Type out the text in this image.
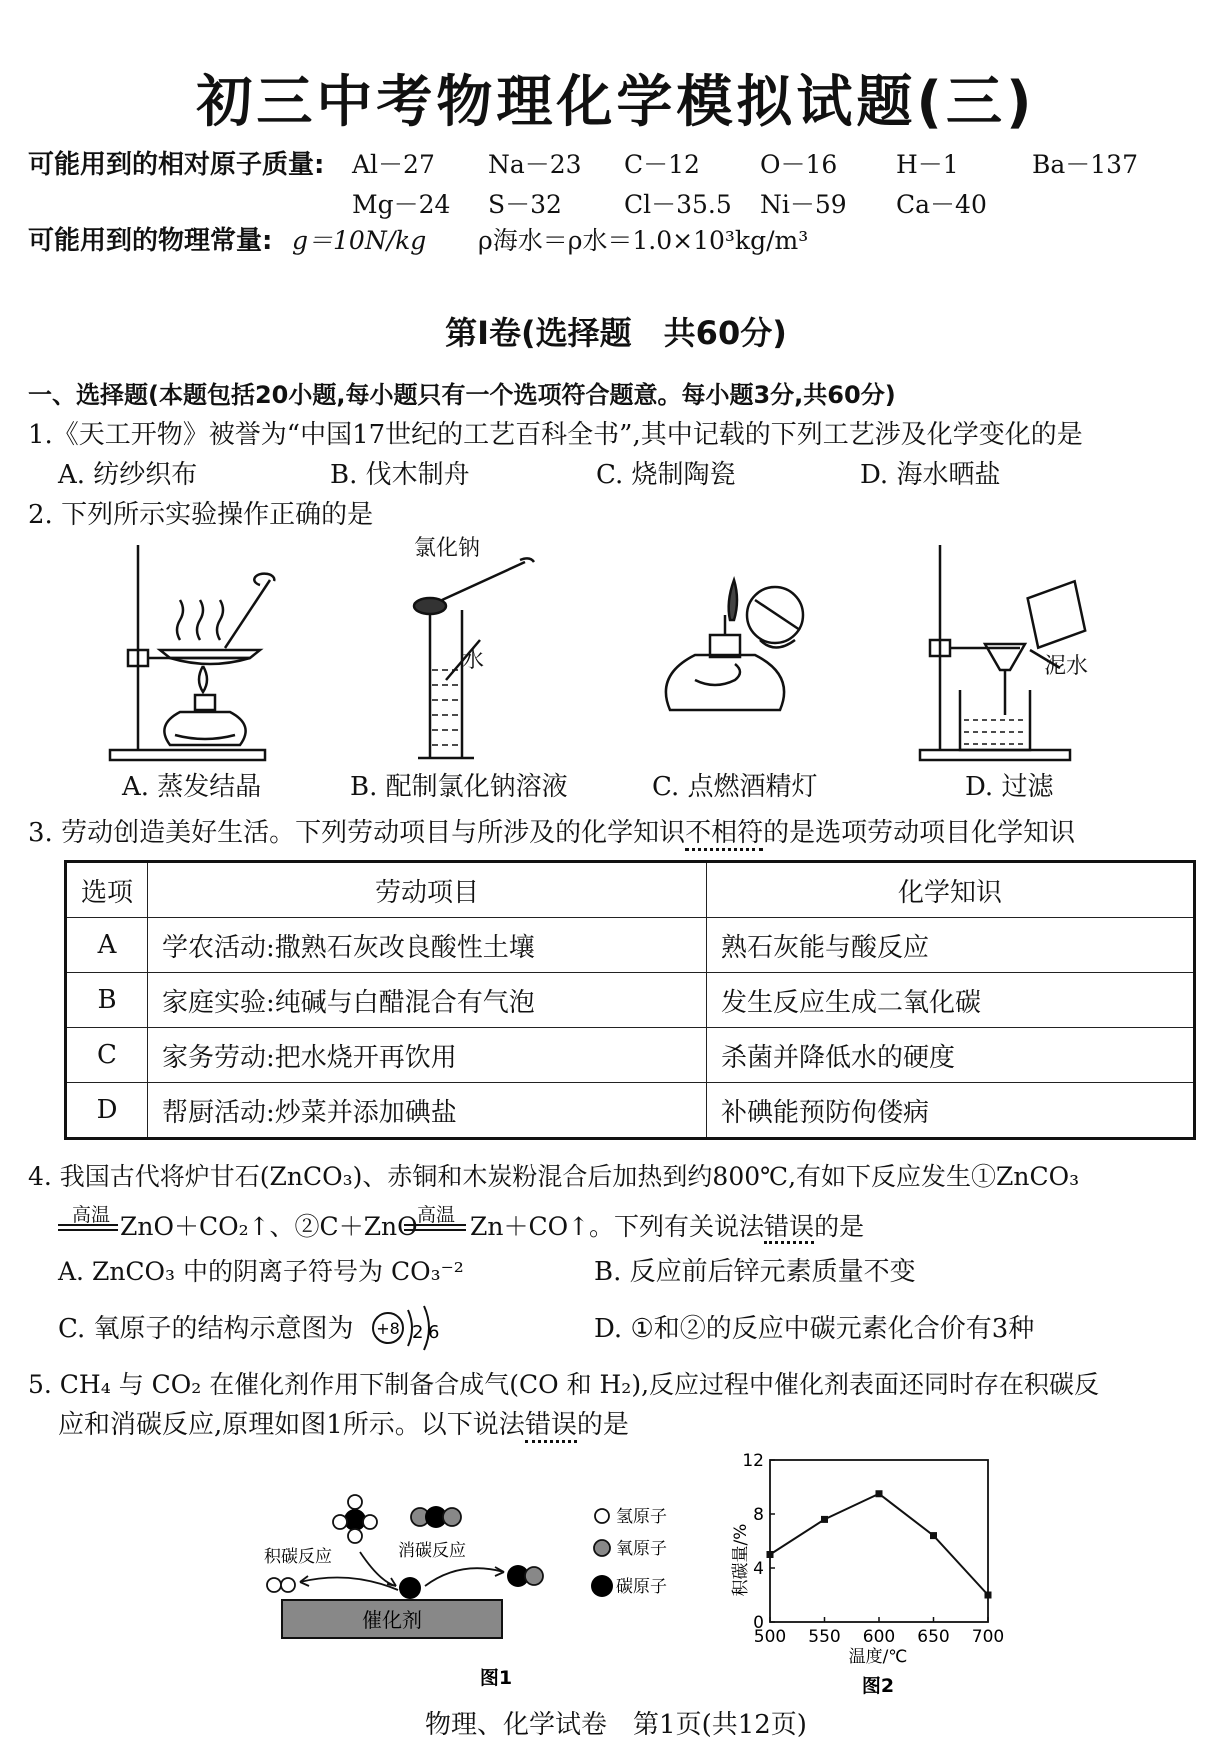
初三中考物理化学模拟试题(三)
可能用到的相对原子质量: Al－27 Na－23 C－12 O－16 H－1	Ba－137
Mg－24 S－32 Cl－35.5 Ni－59 Ca－40
可能用到的物理常量: g＝10N/kg ρ海水＝ρ水＝1.0×10³kg/m³
第Ⅰ卷(选择题　共60分)
一、选择题(本题包括20小题,每小题只有一个选项符合题意。每小题3分,共60分)
1.《天工开物》被誉为“中国17世纪的工艺百科全书”,其中记载的下列工艺涉及化学变化的是
A. 纺纱织布	B. 伐木制舟	C. 烧制陶瓷	D. 海水晒盐
2. 下列所示实验操作正确的是
氯化钠
水	泥水
A. 蒸发结晶	B. 配制氯化钠溶液	C. 点燃酒精灯	D. 过滤
3. 劳动创造美好生活。下列劳动项目与所涉及的化学知识不相符的是选项劳动项目化学知识
选项	劳动项目	化学知识
A	学农活动:撒熟石灰改良酸性土壤	熟石灰能与酸反应
B	家庭实验:纯碱与白醋混合有气泡	发生反应生成二氧化碳
C	家务劳动:把水烧开再饮用	杀菌并降低水的硬度
D	帮厨活动:炒菜并添加碘盐	补碘能预防佝偻病
4. 我国古代将炉甘石(ZnCO₃)、赤铜和木炭粉混合后加热到约800℃,有如下反应发生①ZnCO₃
高温 ZnO＋CO₂↑、②C＋ZnO 高温 Zn＋CO↑。下列有关说法错误的是
A. ZnCO₃ 中的阴离子符号为 CO₃⁻²	B. 反应前后锌元素质量不变
C. 氧原子的结构示意图为 +8 2 6	D. ①和②的反应中碳元素化合价有3种
5. CH₄ 与 CO₂ 在催化剂作用下制备合成气(CO 和 H₂),反应过程中催化剂表面还同时存在积碳反
应和消碳反应,原理如图1所示。以下说法错误的是
催化剂
积碳反应	消碳反应
氢原子
氧原子
碳原子
图1
500 550 600 650 700
0
4
8
12
温度/℃
积碳量/%
图2
物理、化学试卷　第1页(共12页)
